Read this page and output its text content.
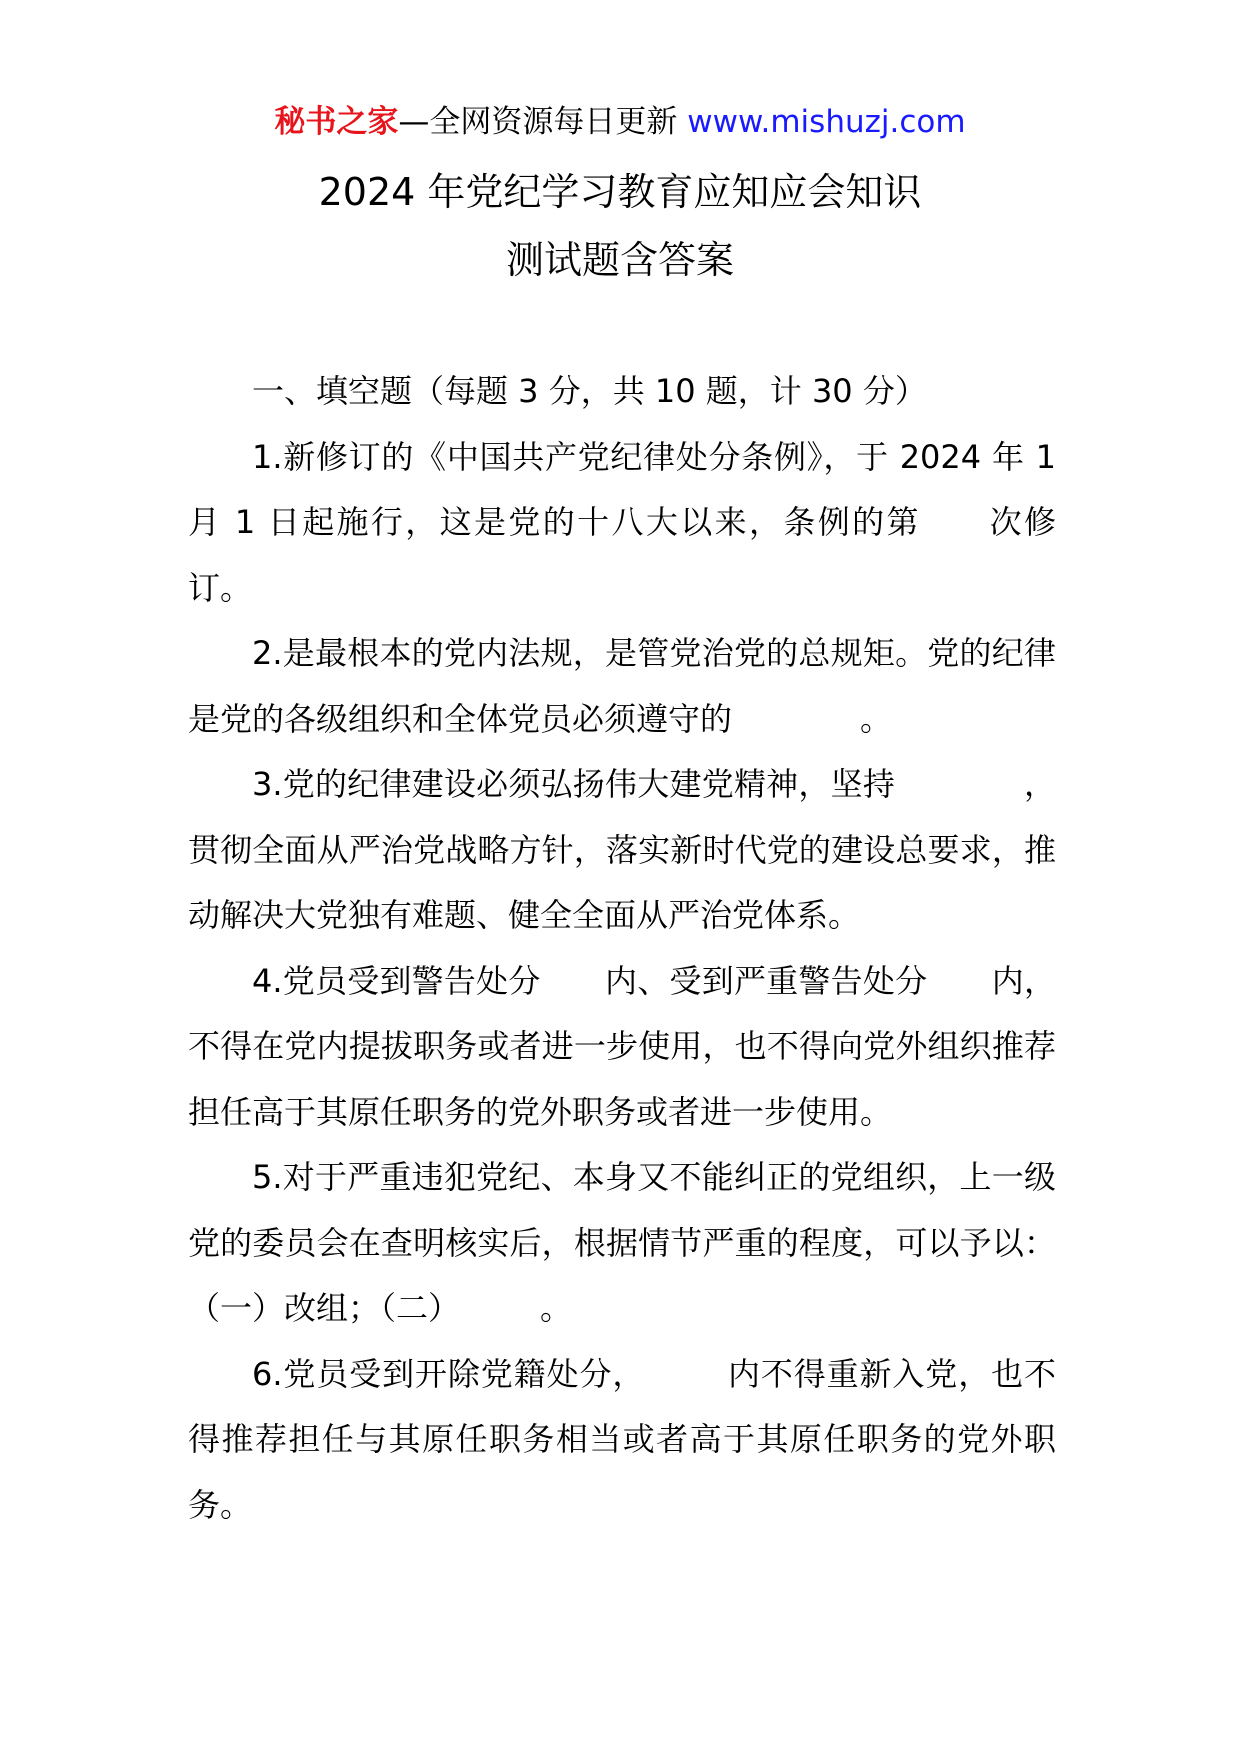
秘书之家—全网资源每日更新 www.mishuzj.com
2024 年党纪学习教育应知应会知识
测试题含答案

一、填空题（每题 3 分，共 10 题，计 30 分）

1.新修订的《中国共产党纪律处分条例》，于 2024 年 1 月 1 日起施行，这是党的十八大以来，条例的第　　次修订。

2.是最根本的党内法规，是管党治党的总规矩。党的纪律是党的各级组织和全体党员必须遵守的　　　　。

3.党的纪律建设必须弘扬伟大建党精神，坚持　　　　，贯彻全面从严治党战略方针，落实新时代党的建设总要求，推动解决大党独有难题、健全全面从严治党体系。

4.党员受到警告处分　　内、受到严重警告处分　　内，不得在党内提拔职务或者进一步使用，也不得向党外组织推荐担任高于其原任职务的党外职务或者进一步使用。

5.对于严重违犯党纪、本身又不能纠正的党组织，上一级党的委员会在查明核实后，根据情节严重的程度，可以予以：（一）改组；（二）　　　。

6.党员受到开除党籍处分，　　　内不得重新入党，也不得推荐担任与其原任职务相当或者高于其原任职务的党外职务。
